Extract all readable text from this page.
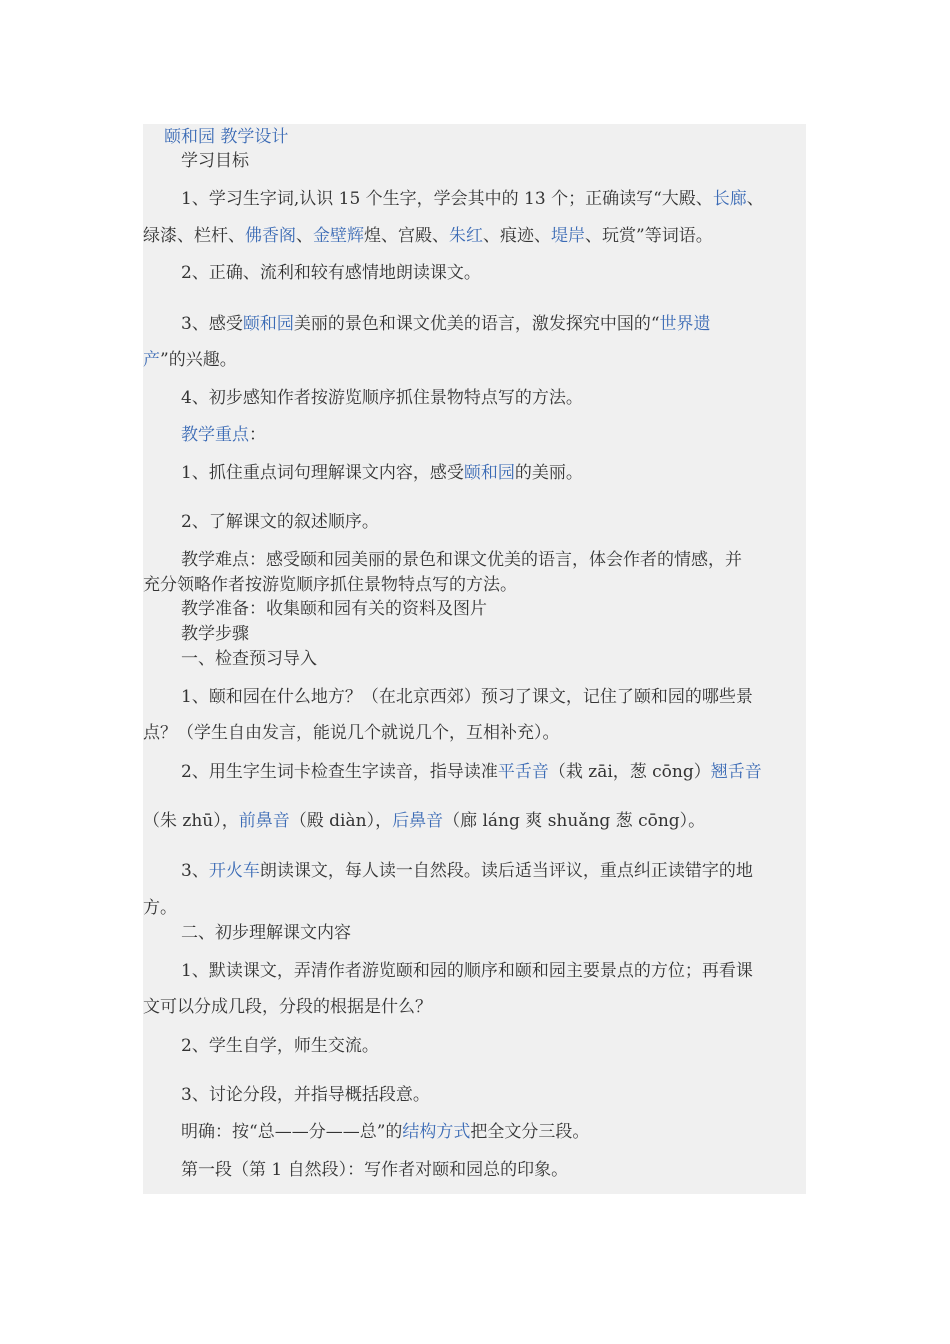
颐和园 教学设计
学习目标
1、学习生字词,认识 15 个生字，学会其中的 13 个；正确读写“大殿、长廊、
绿漆、栏杆、佛香阁、金壁辉煌、宫殿、朱红、痕迹、堤岸、玩赏”等词语。
2、正确、流利和较有感情地朗读课文。
3、感受颐和园美丽的景色和课文优美的语言，激发探究中国的“世界遗
产”的兴趣。
4、初步感知作者按游览顺序抓住景物特点写的方法。
教学重点：
1、抓住重点词句理解课文内容，感受颐和园的美丽。
2、了解课文的叙述顺序。
教学难点：感受颐和园美丽的景色和课文优美的语言，体会作者的情感，并
充分领略作者按游览顺序抓住景物特点写的方法。
教学准备：收集颐和园有关的资料及图片
教学步骤
一、检查预习导入
1、颐和园在什么地方？（在北京西郊）预习了课文，记住了颐和园的哪些景
点？（学生自由发言，能说几个就说几个，互相补充）。
2、用生字生词卡检查生字读音，指导读准平舌音（栽 zāi，葱 cōng）翘舌音
（朱 zhū），前鼻音（殿 diàn），后鼻音（廊 láng 爽 shuǎng 葱 cōng）。
3、开火车朗读课文，每人读一自然段。读后适当评议，重点纠正读错字的地
方。
二、初步理解课文内容
1、默读课文，弄清作者游览颐和园的顺序和颐和园主要景点的方位；再看课
文可以分成几段，分段的根据是什么？
2、学生自学，师生交流。
3、讨论分段，并指导概括段意。
明确：按“总——分——总”的结构方式把全文分三段。
第一段（第 1 自然段）：写作者对颐和园总的印象。
